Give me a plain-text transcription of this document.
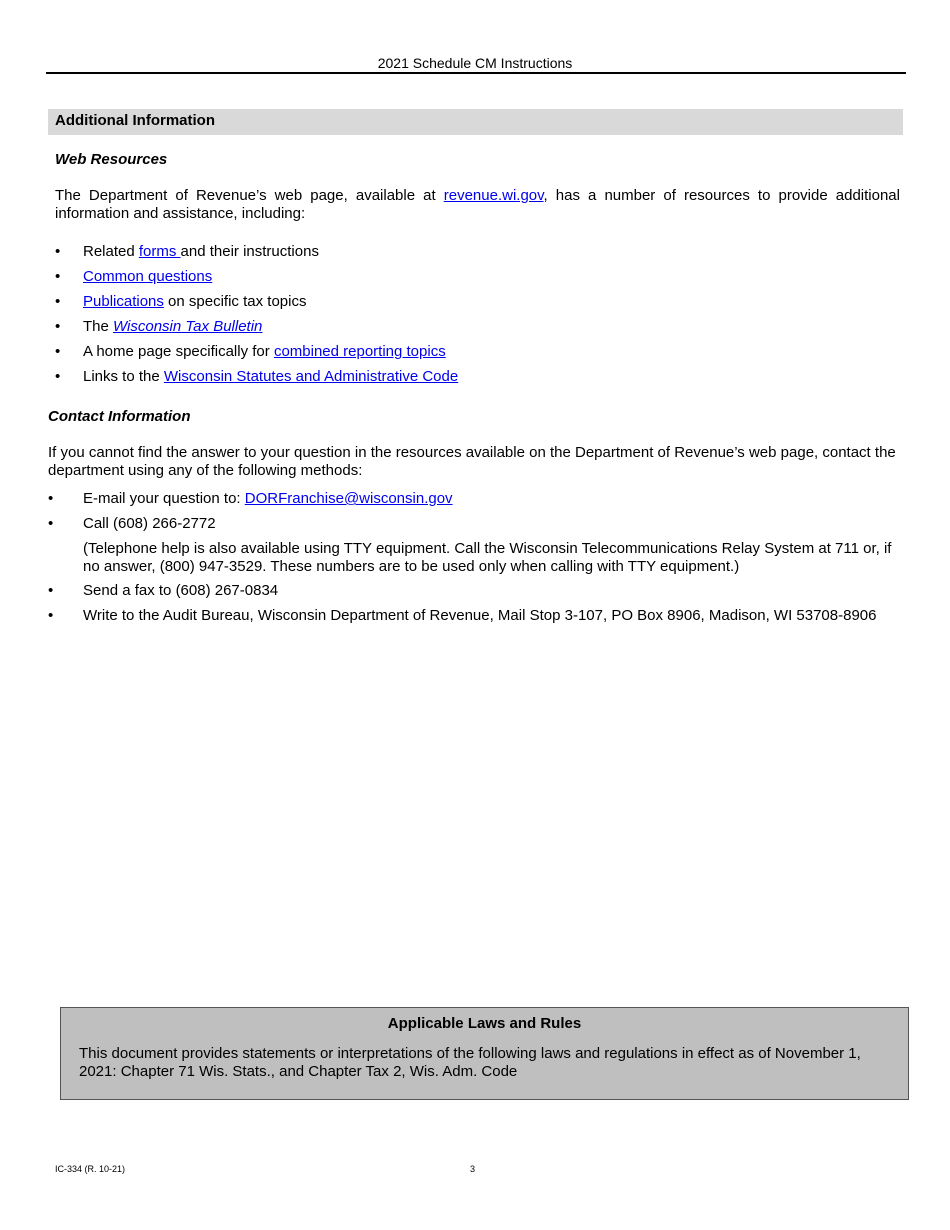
2021 Schedule CM Instructions
Additional Information
Web Resources
The Department of Revenue’s web page, available at revenue.wi.gov, has a number of resources to provide additional information and assistance, including:
• Related forms and their instructions
• Common questions
• Publications on specific tax topics
• The Wisconsin Tax Bulletin
• A home page specifically for combined reporting topics
• Links to the Wisconsin Statutes and Administrative Code
Contact Information
If you cannot find the answer to your question in the resources available on the Department of Revenue’s web page, contact the department using any of the following methods:
• E-mail your question to: DORFranchise@wisconsin.gov
• Call (608) 266-2772
(Telephone help is also available using TTY equipment. Call the Wisconsin Telecommunications Relay System at 711 or, if no answer, (800) 947-3529. These numbers are to be used only when calling with TTY equipment.)
• Send a fax to (608) 267-0834
• Write to the Audit Bureau, Wisconsin Department of Revenue, Mail Stop 3-107, PO Box 8906, Madison, WI 53708-8906
Applicable Laws and Rules
This document provides statements or interpretations of the following laws and regulations in effect as of November 1, 2021: Chapter 71 Wis. Stats., and Chapter Tax 2, Wis. Adm. Code
IC-334 (R. 10-21)	3
